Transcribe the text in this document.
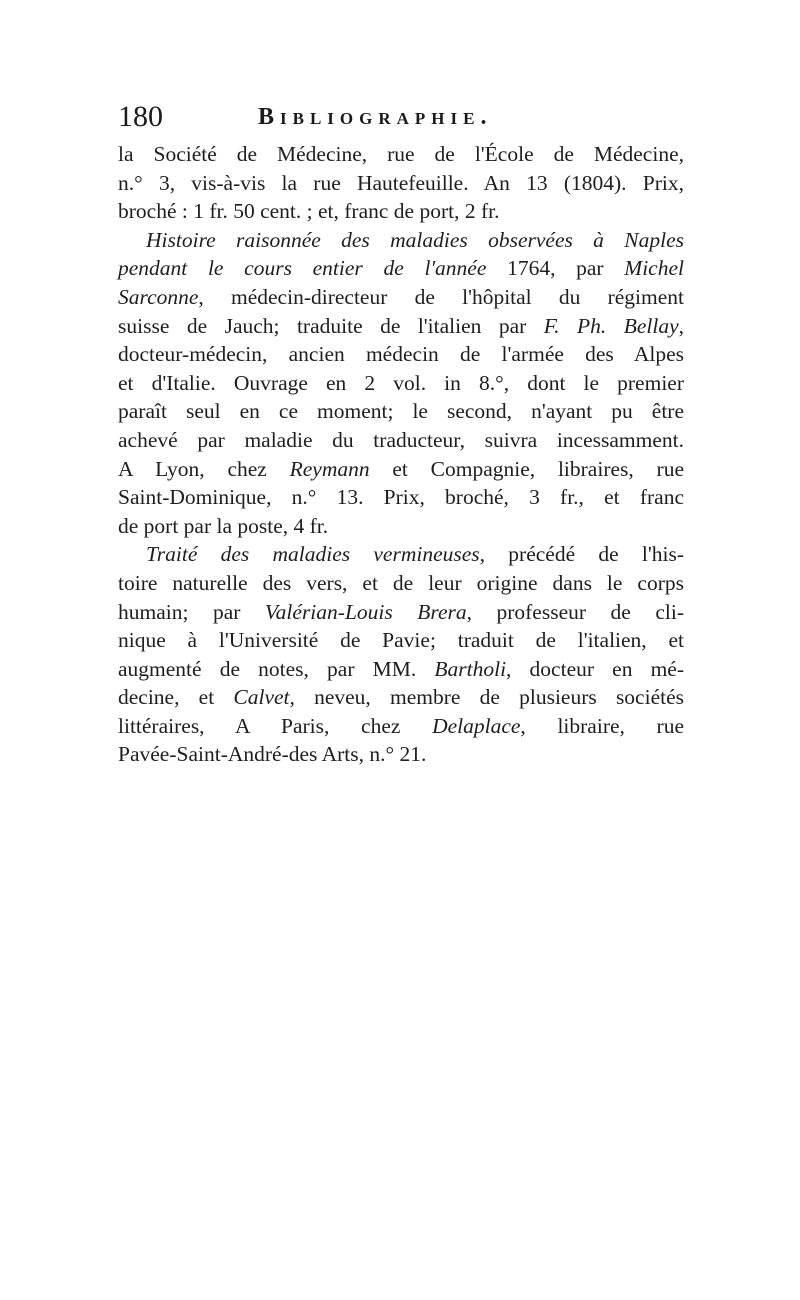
180	Bibliographie.
la Société de Médecine, rue de l'École de Médecine,
n.° 3, vis-à-vis la rue Hautefeuille. An 13 (1804). Prix,
broché : 1 fr. 50 cent. ; et, franc de port, 2 fr.
Histoire raisonnée des maladies observées à Naples
pendant le cours entier de l'année 1764, par Michel
Sarconne, médecin-directeur de l'hôpital du régiment
suisse de Jauch; traduite de l'italien par F. Ph. Bellay,
docteur-médecin, ancien médecin de l'armée des Alpes
et d'Italie. Ouvrage en 2 vol. in 8.°, dont le premier
paraît seul en ce moment; le second, n'ayant pu être
achevé par maladie du traducteur, suivra incessamment.
A Lyon, chez Reymann et Compagnie, libraires, rue
Saint-Dominique, n.° 13. Prix, broché, 3 fr., et franc
de port par la poste, 4 fr.
Traité des maladies vermineuses, précédé de l'his-
toire naturelle des vers, et de leur origine dans le corps
humain; par Valérian-Louis Brera, professeur de cli-
nique à l'Université de Pavie; traduit de l'italien, et
augmenté de notes, par MM. Bartholi, docteur en mé-
decine, et Calvet, neveu, membre de plusieurs sociétés
littéraires, A Paris, chez Delaplace, libraire, rue
Pavée-Saint-André-des Arts, n.° 21.
